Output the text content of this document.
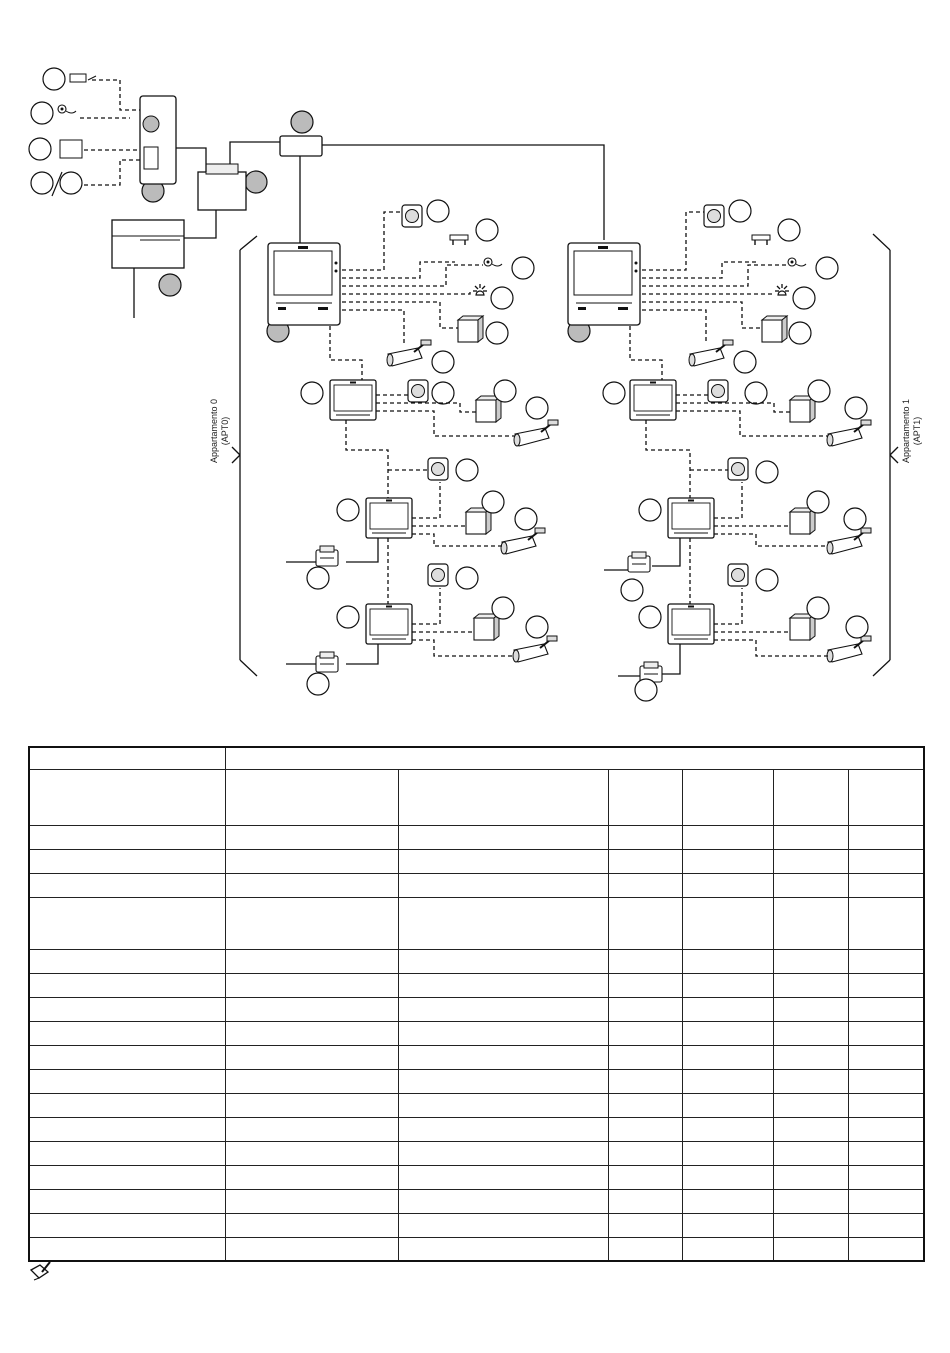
Appartamento 0 (APT0)	Appartamento 1 (APT1)
